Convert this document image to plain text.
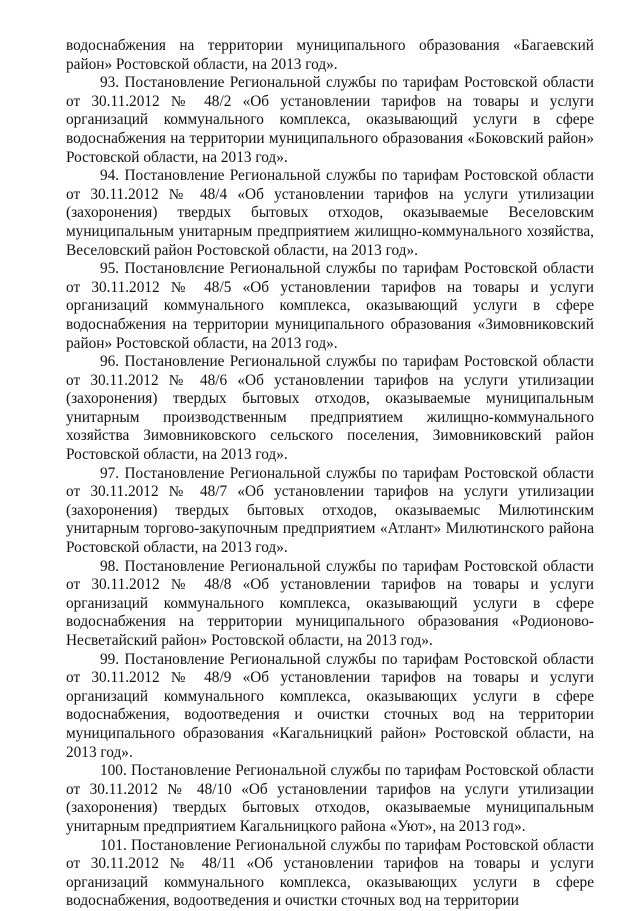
водоснабжения на территории муниципального образования «Багаевский район» Ростовской области, на 2013 год».

93. Постановление Региональной службы по тарифам Ростовской области от 30.11.2012 № 48/2 «Об установлении тарифов на товары и услуги организаций коммунального комплекса, оказывающий услуги в сфере водоснабжения на территории муниципального образования «Боковский район» Ростовской области, на 2013 год».

94. Постановление Региональной службы по тарифам Ростовской области от 30.11.2012 № 48/4 «Об установлении тарифов на услуги утилизации (захоронения) твердых бытовых отходов, оказываемые Веселовским муниципальным унитарным предприятием жилищно-коммунального хозяйства, Веселовский район Ростовской области, на 2013 год».

95. Постановлєние Региональной службы по тарифам Ростовской области от 30.11.2012 № 48/5 «Об установлении тарифов на товары и услуги организаций коммунального комплекса, оказывающий услуги в сфере водоснабжения на территории муниципального образования «Зимовниковский район» Ростовской области, на 2013 год».

96. Постановление Региональной службы по тарифам Ростовской области от 30.11.2012 № 48/6 «Об установлении тарифов на услуги утилизации (захоронения) твердых бытовых отходов, оказываемые муниципальным унитарным производственным предприятием жилищно-коммунального хозяйства Зимовниковского сельского поселения, Зимовниковский район Ростовской области, на 2013 год».

97. Постановление Региональной службы по тарифам Ростовской области от 30.11.2012 № 48/7 «Об установлении тарифов на услуги утилизации (захоронения) твердых бытовых отходов, оказываемыс Милютинским унитарным торгово-закупочным предприятием «Атлант» Милютинского района Ростовской области, на 2013 год».

98. Постановление Региональной службы по тарифам Ростовской области от 30.11.2012 № 48/8 «Об установлении тарифов на товары и услуги организаций коммунального комплекса, оказывающий услуги в сфере водоснабжения на территории муниципального образования «Родионово-Несветайский район» Ростовской области, на 2013 год».

99. Постановление Региональной службы по тарифам Ростовской области от 30.11.2012 № 48/9 «Об установлении тарифов на товары и услуги организаций коммунального комплекса, оказывающих услуги в сфере водоснабжения, водоотведения и очистки сточных вод на территории муниципального образования «Кагальницкий район» Ростовской области, на 2013 год».

100. Постановление Региональной службы по тарифам Ростовской области от 30.11.2012 № 48/10 «Об установлении тарифов на услуги утилизации (захоронения) твердых бытовых отходов, оказываемые муниципальным унитарным предприятием Кагальницкого района «Уют», на 2013 год».

101. Постановление Региональной службы по тарифам Ростовской области от 30.11.2012 № 48/11 «Об установлении тарифов на товары и услуги организаций коммунального комплекса, оказывающих услуги в сфере водоснабжения, водоотведения и очистки сточных вод на территории
